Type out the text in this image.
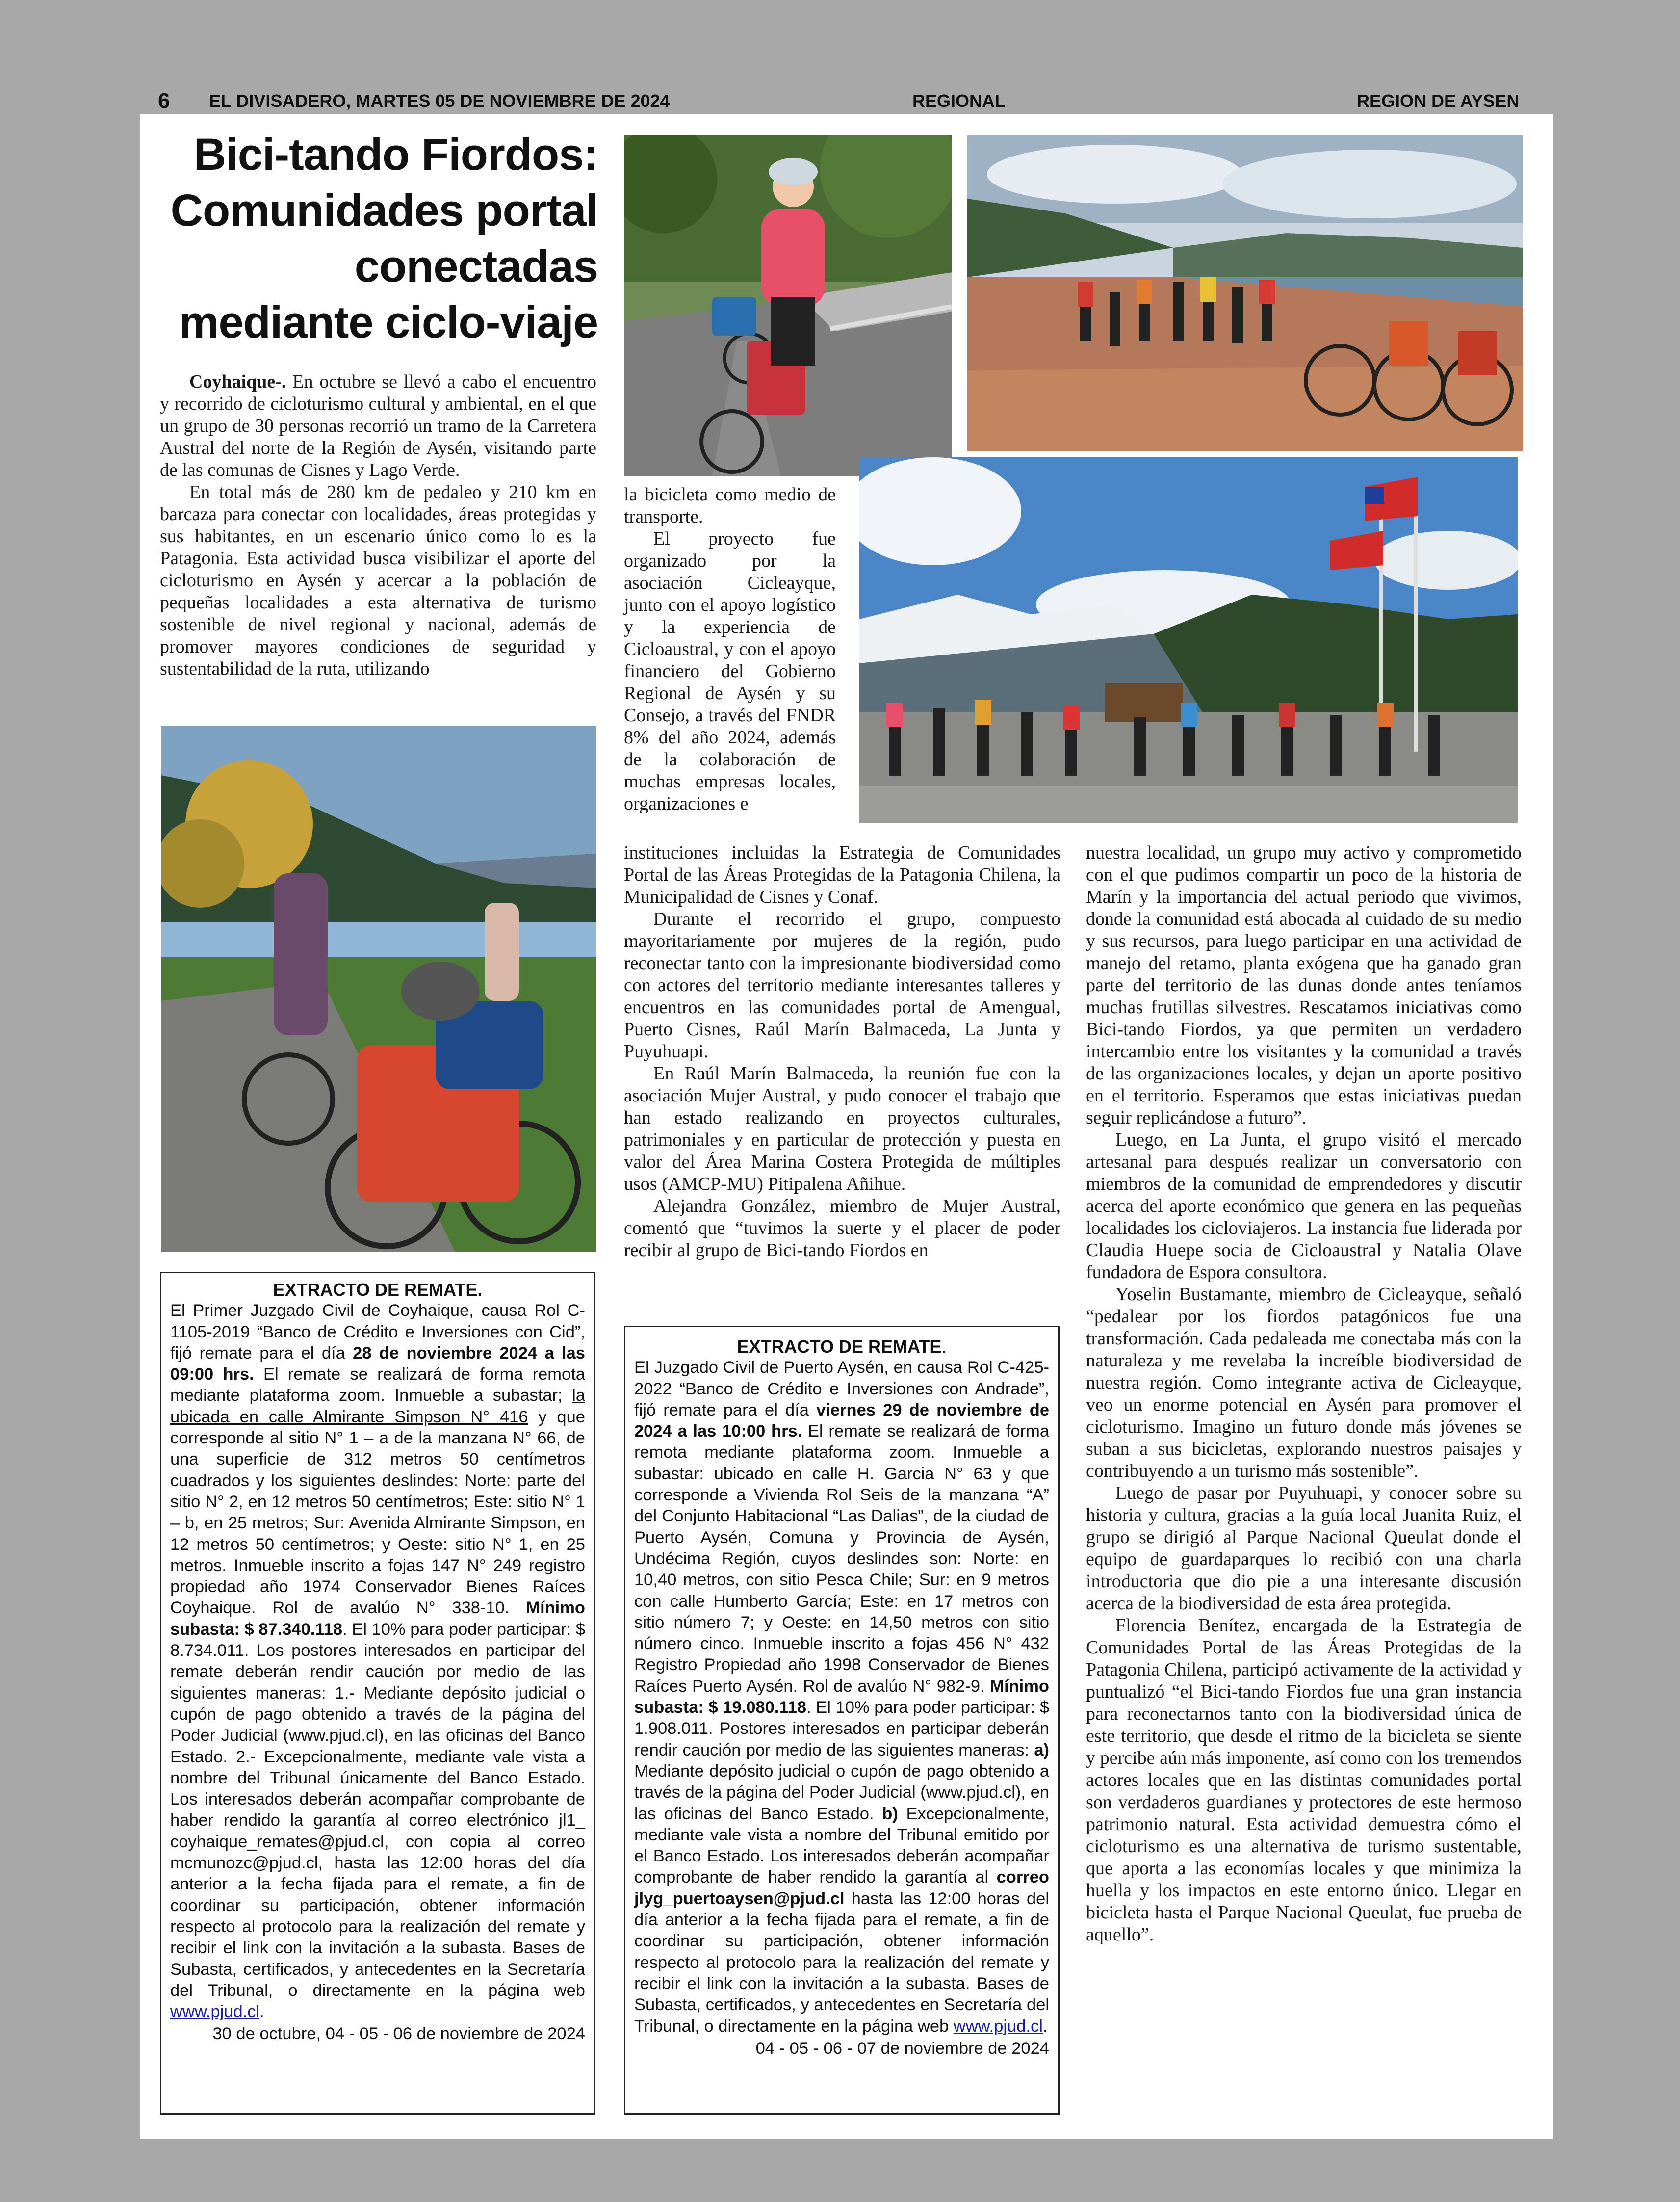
6 EL DIVISADERO, MARTES 05 DE NOVIEMBRE DE 2024	REGIONAL	REGION DE AYSEN
Bici-tando Fiordos: Comunidades portal conectadas mediante ciclo-viaje

Coyhaique-. En octubre se llevó a cabo el encuentro y recorrido de cicloturismo cultural y ambiental, en el que un grupo de 30 personas recorrió un tramo de la Carretera Austral del norte de la Región de Aysén, visitando parte de las comunas de Cisnes y Lago Verde.

En total más de 280 km de pedaleo y 210 km en barcaza para conectar con localidades, áreas protegidas y sus habitantes, en un escenario único como lo es la Patagonia. Esta actividad busca visibilizar el aporte del cicloturismo en Aysén y acercar a la población de pequeñas localidades a esta alternativa de turismo sostenible de nivel regional y nacional, además de promover mayores condiciones de seguridad y sustentabilidad de la ruta, utilizando

la bicicleta como medio de transporte.

El proyecto fue organizado por la asociación Cicleayque, junto con el apoyo logístico y la experiencia de Cicloaustral, y con el apoyo financiero del Gobierno Regional de Aysén y su Consejo, a través del FNDR 8% del año 2024, además de la colaboración de muchas empresas locales, organizaciones e

instituciones incluidas la Estrategia de Comunidades Portal de las Áreas Protegidas de la Patagonia Chilena, la Municipalidad de Cisnes y Conaf.

Durante el recorrido el grupo, compuesto mayoritariamente por mujeres de la región, pudo reconectar tanto con la impresionante biodiversidad como con actores del territorio mediante interesantes talleres y encuentros en las comunidades portal de Amengual, Puerto Cisnes, Raúl Marín Balmaceda, La Junta y Puyuhuapi.

En Raúl Marín Balmaceda, la reunión fue con la asociación Mujer Austral, y pudo conocer el trabajo que han estado realizando en proyectos culturales, patrimoniales y en particular de protección y puesta en valor del Área Marina Costera Protegida de múltiples usos (AMCP-MU) Pitipalena Añihue.

Alejandra González, miembro de Mujer Austral, comentó que “tuvimos la suerte y el placer de poder recibir al grupo de Bici-tando Fiordos en

nuestra localidad, un grupo muy activo y comprometido con el que pudimos compartir un poco de la historia de Marín y la importancia del actual periodo que vivimos, donde la comunidad está abocada al cuidado de su medio y sus recursos, para luego participar en una actividad de manejo del retamo, planta exógena que ha ganado gran parte del territorio de las dunas donde antes teníamos muchas frutillas silvestres. Rescatamos iniciativas como Bici-tando Fiordos, ya que permiten un verdadero intercambio entre los visitantes y la comunidad a través de las organizaciones locales, y dejan un aporte positivo en el territorio. Esperamos que estas iniciativas puedan seguir replicándose a futuro”.

Luego, en La Junta, el grupo visitó el mercado artesanal para después realizar un conversatorio con miembros de la comunidad de emprendedores y discutir acerca del aporte económico que genera en las pequeñas localidades los cicloviajeros. La instancia fue liderada por Claudia Huepe socia de Cicloaustral y Natalia Olave fundadora de Espora consultora.

Yoselin Bustamante, miembro de Cicleayque, señaló “pedalear por los fiordos patagónicos fue una transformación. Cada pedaleada me conectaba más con la naturaleza y me revelaba la increíble biodiversidad de nuestra región. Como integrante activa de Cicleayque, veo un enorme potencial en Aysén para promover el cicloturismo. Imagino un futuro donde más jóvenes se suban a sus bicicletas, explorando nuestros paisajes y contribuyendo a un turismo más sostenible”.

Luego de pasar por Puyuhuapi, y conocer sobre su historia y cultura, gracias a la guía local Juanita Ruiz, el grupo se dirigió al Parque Nacional Queulat donde el equipo de guardaparques lo recibió con una charla introductoria que dio pie a una interesante discusión acerca de la biodiversidad de esta área protegida.

Florencia Benítez, encargada de la Estrategia de Comunidades Portal de las Áreas Protegidas de la Patagonia Chilena, participó activamente de la actividad y puntualizó “el Bici-tando Fiordos fue una gran instancia para reconectarnos tanto con la biodiversidad única de este territorio, que desde el ritmo de la bicicleta se siente y percibe aún más imponente, así como con los tremendos actores locales que en las distintas comunidades portal son verdaderos guardianes y protectores de este hermoso patrimonio natural. Esta actividad demuestra cómo el cicloturismo es una alternativa de turismo sustentable, que aporta a las economías locales y que minimiza la huella y los impactos en este entorno único. Llegar en bicicleta hasta el Parque Nacional Queulat, fue prueba de aquello”.

EXTRACTO DE REMATE.
El Primer Juzgado Civil de Coyhaique, causa Rol C-1105-2019 “Banco de Crédito e Inversiones con Cid”, fijó remate para el día 28 de noviembre 2024 a las 09:00 hrs. El remate se realizará de forma remota mediante plataforma zoom. Inmueble a subastar; la ubicada en calle Almirante Simpson N° 416 y que corresponde al sitio N° 1 – a de la manzana N° 66, de una superficie de 312 metros 50 centímetros cuadrados y los siguientes deslindes: Norte: parte del sitio N° 2, en 12 metros 50 centímetros; Este: sitio N° 1 – b, en 25 metros; Sur: Avenida Almirante Simpson, en 12 metros 50 centímetros; y Oeste: sitio N° 1, en 25 metros. Inmueble inscrito a fojas 147 N° 249 registro propiedad año 1974 Conservador Bienes Raíces Coyhaique. Rol de avalúo N° 338-10. Mínimo subasta: $ 87.340.118. El 10% para poder participar: $ 8.734.011. Los postores interesados en participar del remate deberán rendir caución por medio de las siguientes maneras: 1.- Mediante depósito judicial o cupón de pago obtenido a través de la página del Poder Judicial (www.pjud.cl), en las oficinas del Banco Estado. 2.- Excepcionalmente, mediante vale vista a nombre del Tribunal únicamente del Banco Estado. Los interesados deberán acompañar comprobante de haber rendido la garantía al correo electrónico jl1_ coyhaique_remates@pjud.cl, con copia al correo mcmunozc@pjud.cl, hasta las 12:00 horas del día anterior a la fecha fijada para el remate, a fin de coordinar su participación, obtener información respecto al protocolo para la realización del remate y recibir el link con la invitación a la subasta. Bases de Subasta, certificados, y antecedentes en la Secretaría del Tribunal, o directamente en la página web www.pjud.cl.
30 de octubre, 04 - 05 - 06 de noviembre de 2024
EXTRACTO DE REMATE.
El Juzgado Civil de Puerto Aysén, en causa Rol C-425-2022 “Banco de Crédito e Inversiones con Andrade”, fijó remate para el día viernes 29 de noviembre de 2024 a las 10:00 hrs. El remate se realizará de forma remota mediante plataforma zoom. Inmueble a subastar: ubicado en calle H. Garcia N° 63 y que corresponde a Vivienda Rol Seis de la manzana “A” del Conjunto Habitacional “Las Dalias”, de la ciudad de Puerto Aysén, Comuna y Provincia de Aysén, Undécima Región, cuyos deslindes son: Norte: en 10,40 metros, con sitio Pesca Chile; Sur: en 9 metros con calle Humberto García; Este: en 17 metros con sitio número 7; y Oeste: en 14,50 metros con sitio número cinco. Inmueble inscrito a fojas 456 N° 432 Registro Propiedad año 1998 Conservador de Bienes Raíces Puerto Aysén. Rol de avalúo N° 982-9. Mínimo subasta: $ 19.080.118. El 10% para poder participar: $ 1.908.011. Postores interesados en participar deberán rendir caución por medio de las siguientes maneras: a) Mediante depósito judicial o cupón de pago obtenido a través de la página del Poder Judicial (www.pjud.cl), en las oficinas del Banco Estado. b) Excepcionalmente, mediante vale vista a nombre del Tribunal emitido por el Banco Estado. Los interesados deberán acompañar comprobante de haber rendido la garantía al correo jlyg_puertoaysen@pjud.cl hasta las 12:00 horas del día anterior a la fecha fijada para el remate, a fin de coordinar su participación, obtener información respecto al protocolo para la realización del remate y recibir el link con la invitación a la subasta. Bases de Subasta, certificados, y antecedentes en Secretaría del Tribunal, o directamente en la página web www.pjud.cl.
04 - 05 - 06 - 07 de noviembre de 2024
